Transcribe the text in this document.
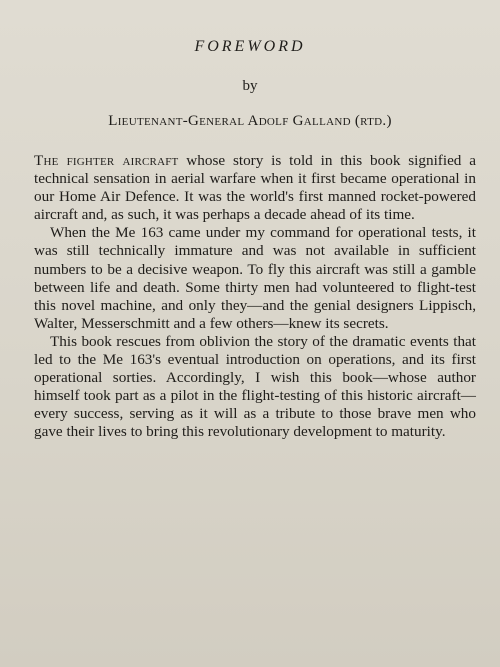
FOREWORD
by
Lieutenant-General Adolf Galland (rtd.)

The fighter aircraft whose story is told in this book signified a technical sensation in aerial warfare when it first became operational in our Home Air Defence. It was the world's first manned rocket-powered aircraft and, as such, it was perhaps a decade ahead of its time.

When the Me 163 came under my command for operational tests, it was still technically immature and was not available in sufficient numbers to be a decisive weapon. To fly this aircraft was still a gamble between life and death. Some thirty men had volunteered to flight-test this novel machine, and only they—and the genial designers Lippisch, Walter, Messerschmitt and a few others—knew its secrets.

This book rescues from oblivion the story of the dramatic events that led to the Me 163's eventual introduction on operations, and its first operational sorties. Accordingly, I wish this book—whose author himself took part as a pilot in the flight-testing of this historic aircraft—every success, serving as it will as a tribute to those brave men who gave their lives to bring this revolutionary development to maturity.
